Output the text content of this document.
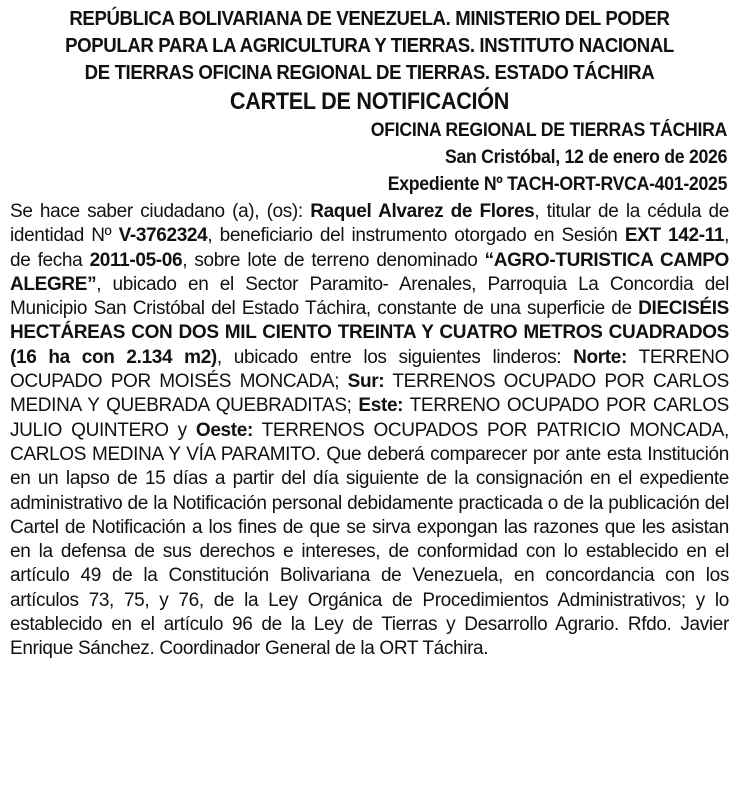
REPÚBLICA BOLIVARIANA DE VENEZUELA. MINISTERIO DEL PODER

POPULAR PARA LA AGRICULTURA Y TIERRAS. INSTITUTO NACIONAL

DE TIERRAS OFICINA REGIONAL DE TIERRAS. ESTADO TÁCHIRA

CARTEL DE NOTIFICACIÓN

OFICINA REGIONAL DE TIERRAS TÁCHIRA

San Cristóbal, 12 de enero de 2026

Expediente Nº TACH-ORT-RVCA-401-2025

Se hace saber ciudadano (a), (os): Raquel Alvarez de Flores, titular de la cédula de identidad Nº V-3762324, beneficiario del instrumento otorgado en Sesión EXT 142-11, de fecha 2011-05-06, sobre lote de terreno denominado “AGRO-TURISTICA CAMPO ALEGRE”, ubicado en el Sector Paramito- Arenales, Parroquia La Concordia del Municipio San Cristóbal del Estado Táchira, constante de una superficie de DIECISÉIS HECTÁREAS CON DOS MIL CIENTO TREINTA Y CUATRO METROS CUADRADOS (16 ha con 2.134 m2), ubicado entre los siguientes linderos: Norte: TERRENO OCUPADO POR MOISÉS MONCADA; Sur: TERRENOS OCUPADO POR CARLOS MEDINA Y QUEBRADA QUEBRADITAS; Este: TERRENO OCUPADO POR CARLOS JULIO QUINTERO y Oeste: TERRENOS OCUPADOS POR PATRICIO MONCADA, CARLOS MEDINA Y VÍA PARAMITO. Que deberá comparecer por ante esta Institución en un lapso de 15 días a partir del día siguiente de la consignación en el expediente administrativo de la Notificación personal debidamente practicada o de la publicación del Cartel de Notificación a los fines de que se sirva expongan las razones que les asistan en la defensa de sus derechos e intereses, de conformidad con lo establecido en el artículo 49 de la Constitución Bolivariana de Venezuela, en concordancia con los artículos 73, 75, y 76, de la Ley Orgánica de Procedimientos Administrativos; y lo establecido en el artículo 96 de la Ley de Tierras y Desarrollo Agrario. Rfdo. Javier Enrique Sánchez. Coordinador General de la ORT Táchira.
